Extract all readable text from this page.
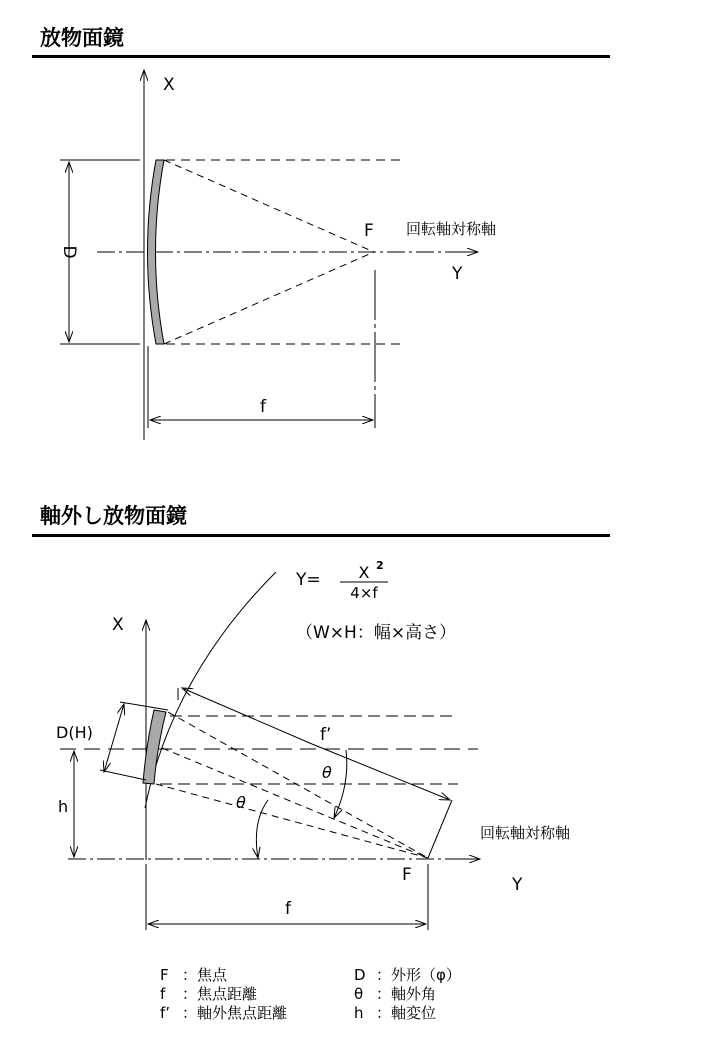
放物面鏡
X
Y
F 回転軸対称軸
D
f
軸外し放物面鏡
Y= X 2
4×f
（W×H：幅×高さ）
X
Y
回転軸対称軸
f’
θ
θ
D(H)
h
F
f
F ：焦点	D ：外形（φ）
f	：焦点距離	θ ：軸外角
f’ ：軸外焦点距離	h ：軸変位
